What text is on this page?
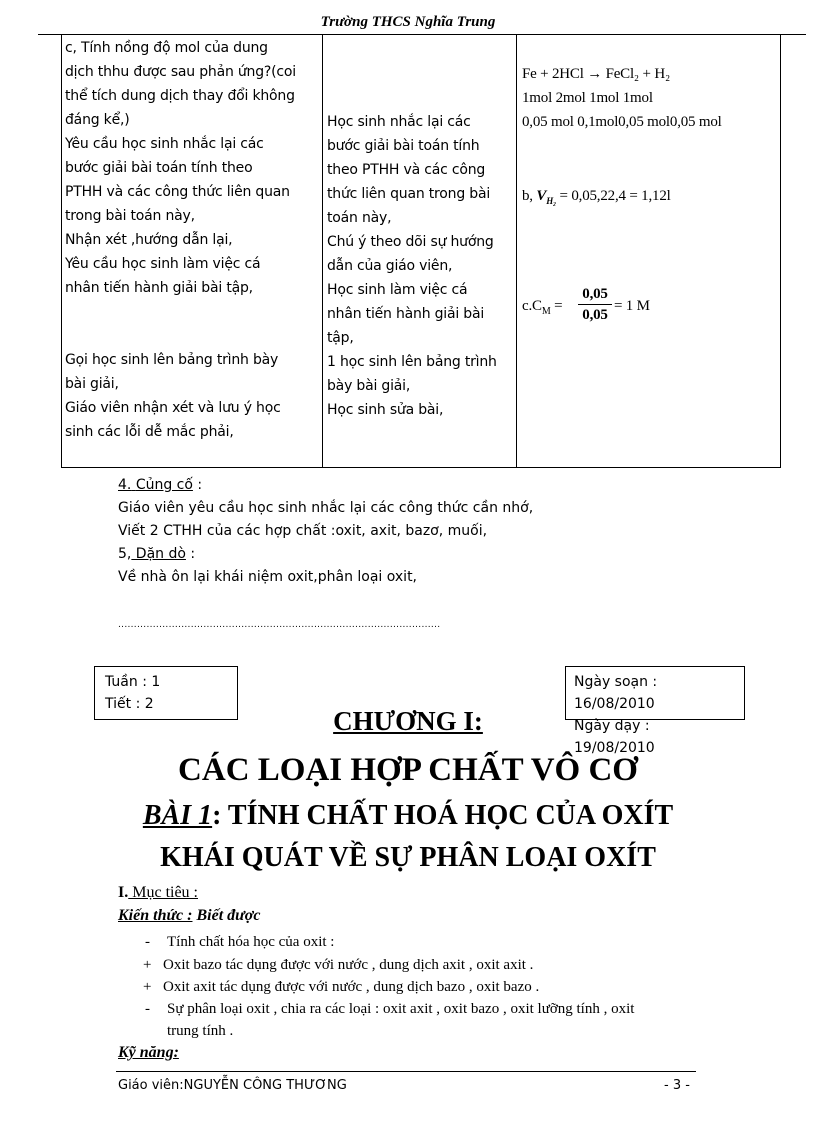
Trường THCS Nghĩa Trung

c, Tính nồng độ mol của dung

dịch thhu được sau phản ứng?(coi

thể tích dung dịch thay đổi không

đáng kể,)

Yêu cầu học sinh nhắc lại các

bước giải bài toán tính theo

PTHH và các công thức liên quan

trong bài toán này,

Nhận xét ,hướng dẫn lại,

Yêu cầu học sinh làm việc cá

nhân tiến hành giải bài tập,

Gọi học sinh lên bảng trình bày

bài giải,

Giáo viên nhận xét và lưu ý học

sinh các lỗi dễ mắc phải,

Học sinh nhắc lại các

bước giải bài toán tính

theo PTHH và các công

thức liên quan trong bài

toán này,

Chú ý theo dõi sự hướng

dẫn của giáo viên,

Học sinh làm việc cá

nhân tiến hành giải bài

tập,

1 học sinh lên bảng trình

bày bài giải,

Học sinh sửa bài,

Fe + 2HCl → FeCl₂ + H₂

1mol 2mol 1mol 1mol

0,05 mol 0,1mol0,05 mol0,05 mol

b, $V_{H_2} = 0,05,22,4 = 1,12l$
$c.C_M = \frac{0,05}{0,05} = 1$ M

4. Củng cố :

Giáo viên yêu cầu học sinh nhắc lại các công thức cần nhớ,

Viết 2 CTHH của các hợp chất :oxit, axit, bazơ, muối,

5, Dặn dò :

Về nhà ôn lại khái niệm oxit,phân loại oxit,

......................................................................................................

Tuần : 1

Tiết : 2

Ngày soạn : 16/08/2010

Ngày dạy : 19/08/2010

CHƯƠNG I:
CÁC LOẠI HỢP CHẤT VÔ CƠ
BÀI 1: TÍNH CHẤT HOÁ HỌC CỦA OXÍT
KHÁI QUÁT VỀ SỰ PHÂN LOẠI OXÍT
I. Mục tiêu :
Kiến thức : Biết được
- Tính chất hóa học của oxit :
+ Oxit bazo tác dụng được với nước , dung dịch axit , oxit axit .
+ Oxit axit tác dụng được với nước , dung dịch bazo , oxit bazo .
- Sự phân loại oxit , chia ra các loại : oxit axit , oxit bazo , oxit lưỡng tính , oxit
trung tính .
Kỹ năng:
Giáo viên:NGUYỄN CÔNG THƯƠNG	- 3 -
